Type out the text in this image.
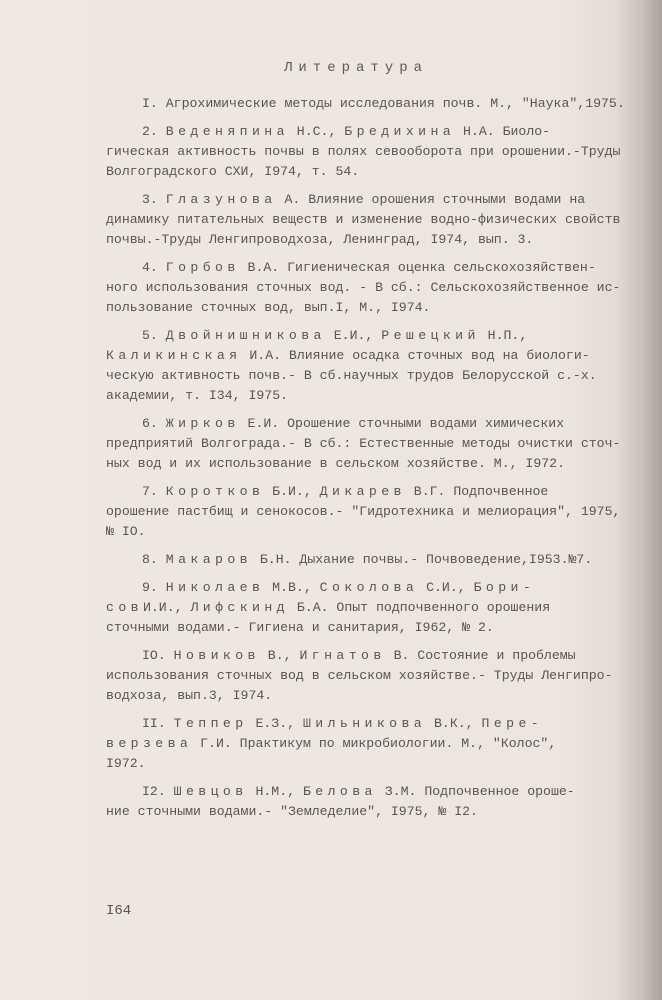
Литература
I. Агрохимические методы исследования почв. М., "Наука",1975.
2. Веденяпина Н.С., Бредихина Н.А. Биоло-
гическая активность почвы в полях севооборота при орошении.-Труды
Волгоградского СХИ, I974, т. 54.
3. Глазунова А. Влияние орошения сточными водами на
динамику питательных веществ и изменение водно-физических свойств
почвы.-Труды Ленгипроводхоза, Ленинград, I974, вып. 3.
4. Горбов В.А. Гигиеническая оценка сельскохозяйствен-
ного использования сточных вод. - В сб.: Сельскохозяйственное ис-
пользование сточных вод, вып.I, М., I974.
5. Двойнишникова Е.И., Решецкий Н.П.,
Каликинская И.А. Влияние осадка сточных вод на биологи-
ческую активность почв.- В сб.научных трудов Белорусской с.-х.
академии, т. I34, I975.
6. Жирков Е.И. Орошение сточными водами химических
предприятий Волгограда.- В сб.: Естественные методы очистки сточ-
ных вод и их использование в сельском хозяйстве. М., I972.
7. Коротков Б.И., Дикарев В.Г. Подпочвенное
орошение пастбищ и сенокосов.- "Гидротехника и мелиорация", 1975,
№ IO.
8. Макаров Б.Н. Дыхание почвы.- Почвоведение,I953.№7.
9. Николаев М.В., Соколова С.И., Бори-
совИ.И., Лифскинд Б.А. Опыт подпочвенного орошения
сточными водами.- Гигиена и санитария, I962, № 2.
IO. Новиков В., Игнатов В. Состояние и проблемы
использования сточных вод в сельском хозяйстве.- Труды Ленгипро-
водхоза, вып.3, I974.
II. Теппер Е.З., Шильникова В.К., Пере-
верзева Г.И. Практикум по микробиологии. М., "Колос",
I972.
I2. Шевцов Н.М., Белова З.М. Подпочвенное ороше-
ние сточными водами.- "Земледелие", I975, № I2.
I64
